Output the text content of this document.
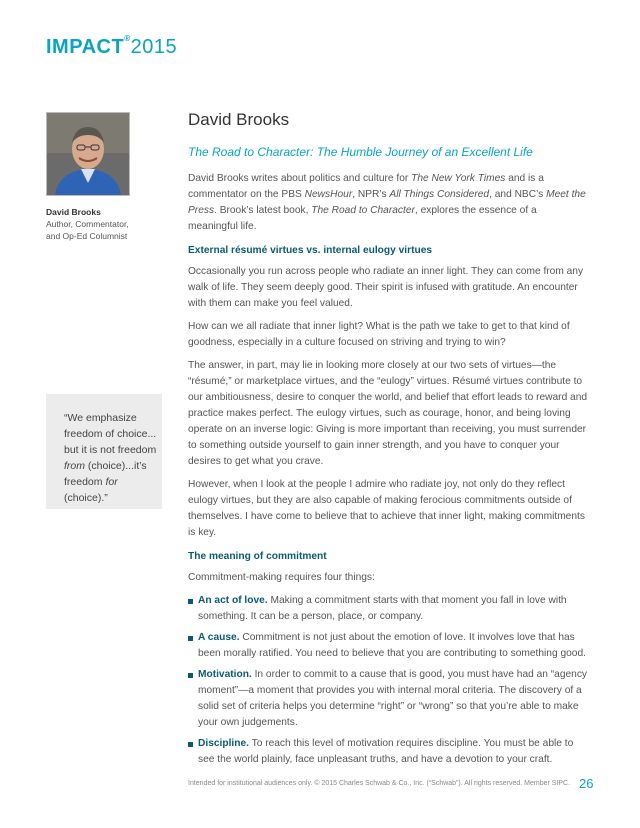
IMPACT®2015
David Brooks
Author, Commentator,
and Op-Ed Columnist
“We emphasize freedom of choice... but it is not freedom from (choice)...it’s freedom for (choice).”
David Brooks
The Road to Character: The Humble Journey of an Excellent Life

David Brooks writes about politics and culture for The New York Times and is a commentator on the PBS NewsHour, NPR’s All Things Considered, and NBC’s Meet the Press. Brook’s latest book, The Road to Character, explores the essence of a meaningful life.

External résumé virtues vs. internal eulogy virtues

Occasionally you run across people who radiate an inner light. They can come from any walk of life. They seem deeply good. Their spirit is infused with gratitude. An encounter with them can make you feel valued.

How can we all radiate that inner light? What is the path we take to get to that kind of goodness, especially in a culture focused on striving and trying to win?

The answer, in part, may lie in looking more closely at our two sets of virtues—the “résumé,” or marketplace virtues, and the “eulogy” virtues. Résumé virtues contribute to our ambitiousness, desire to conquer the world, and belief that effort leads to reward and practice makes perfect. The eulogy virtues, such as courage, honor, and being loving operate on an inverse logic: Giving is more important than receiving, you must surrender to something outside yourself to gain inner strength, and you have to conquer your desires to get what you crave.

However, when I look at the people I admire who radiate joy, not only do they reflect eulogy virtues, but they are also capable of making ferocious commitments outside of themselves. I have come to believe that to achieve that inner light, making commitments is key.

The meaning of commitment

Commitment-making requires four things:

An act of love. Making a commitment starts with that moment you fall in love with something. It can be a person, place, or company.
A cause. Commitment is not just about the emotion of love. It involves love that has been morally ratified. You need to believe that you are contributing to something good.
Motivation. In order to commit to a cause that is good, you must have had an “agency moment”—a moment that provides you with internal moral criteria. The discovery of a solid set of criteria helps you determine “right” or “wrong” so that you’re able to make your own judgements.
Discipline. To reach this level of motivation requires discipline. You must be able to see the world plainly, face unpleasant truths, and have a devotion to your craft.
Intended for institutional audiences only. © 2015 Charles Schwab & Co., Inc. (“Schwab”). All rights reserved. Member SIPC. 26
